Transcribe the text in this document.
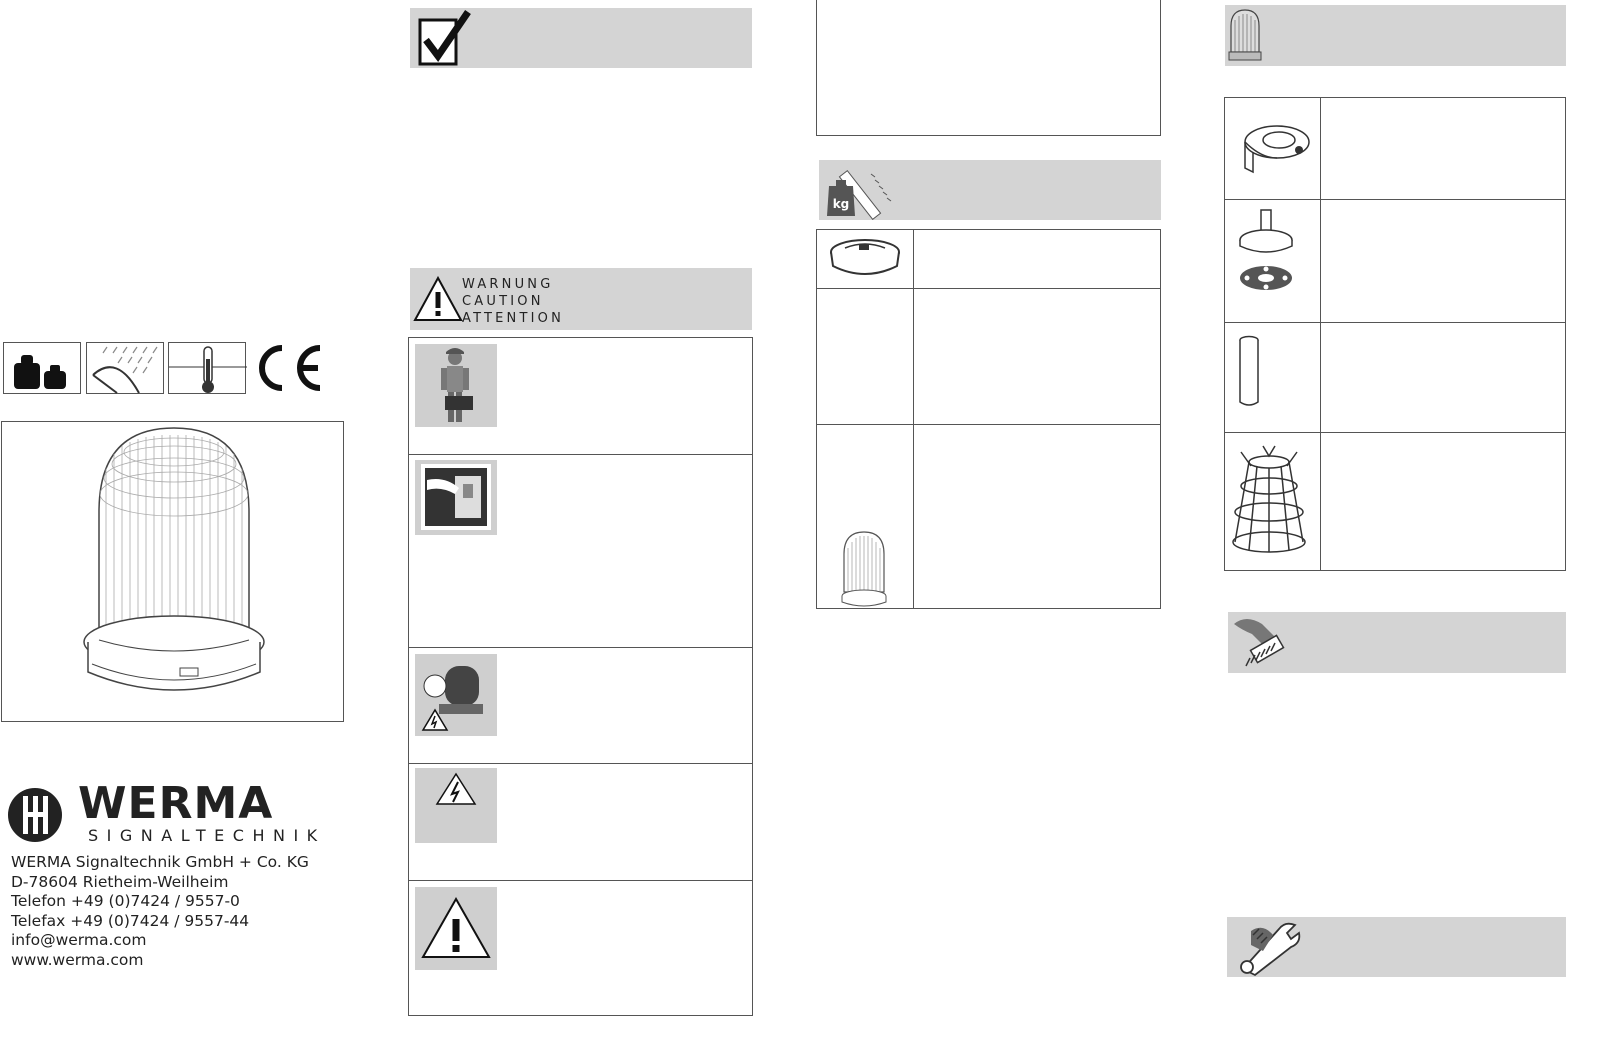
WERMA
SIGNALTECHNIK
WERMA Signaltechnik GmbH + Co. KG
D-78604 Rietheim-Weilheim
Telefon +49 (0)7424 / 9557-0
Telefax +49 (0)7424 / 9557-44
info@werma.com
www.werma.com
WARNUNG
CAUTION
ATTENTION
kg
